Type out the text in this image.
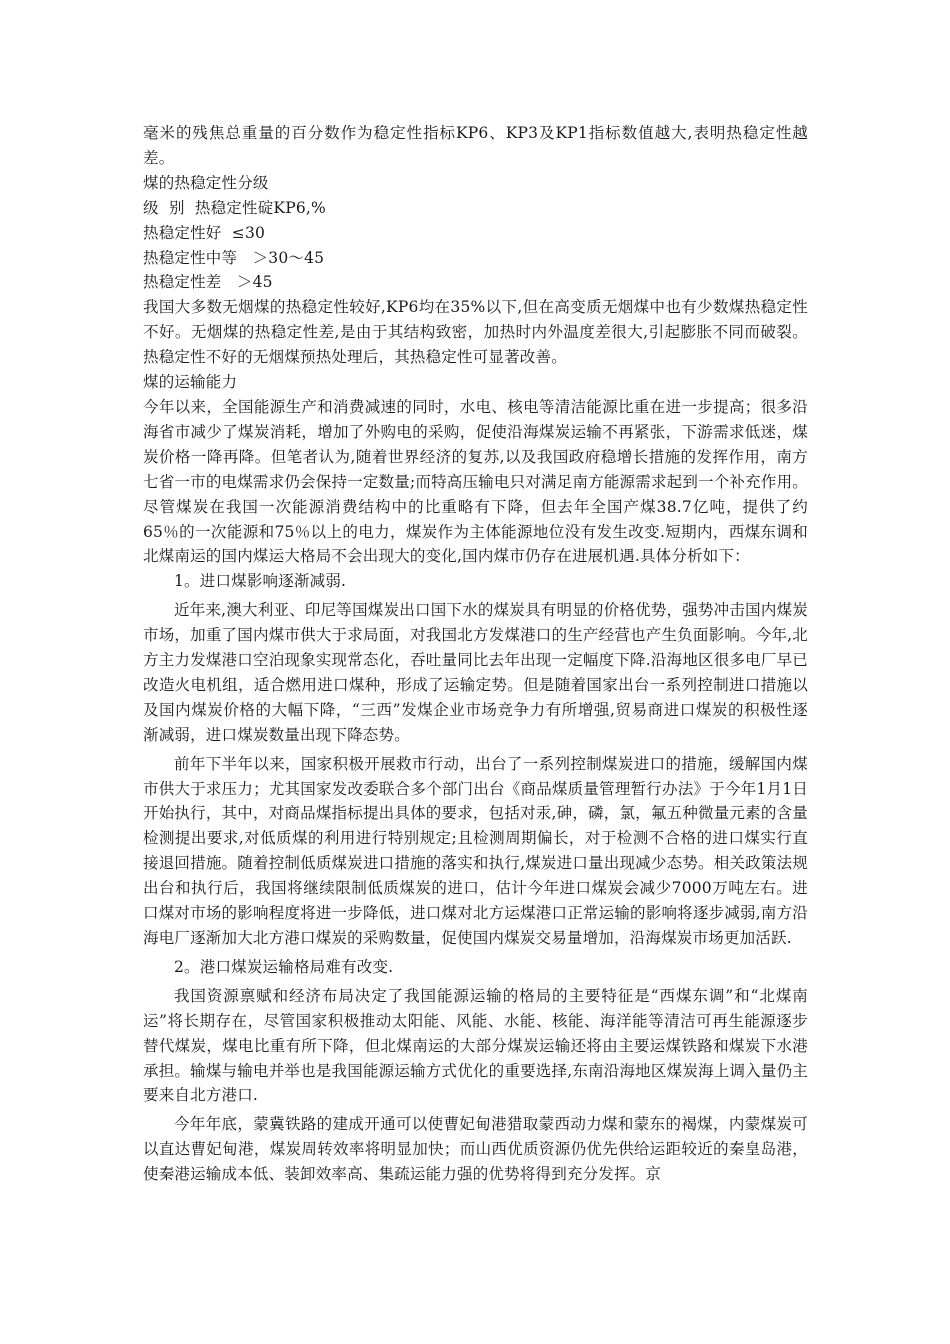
毫米的残焦总重量的百分数作为稳定性指标KP6、KP3及KP1指标数值越大,表明热稳定性越差。
煤的热稳定性分级
级  别  热稳定性碇KP6,%
热稳定性好  ≤30
热稳定性中等   ＞30～45
热稳定性差   ＞45
我国大多数无烟煤的热稳定性较好,KP6均在35%以下,但在高变质无烟煤中也有少数煤热稳定性不好。无烟煤的热稳定性差,是由于其结构致密，加热时内外温度差很大,引起膨胀不同而破裂。热稳定性不好的无烟煤预热处理后，其热稳定性可显著改善。
煤的运输能力
今年以来，全国能源生产和消费减速的同时，水电、核电等清洁能源比重在进一步提高；很多沿海省市减少了煤炭消耗，增加了外购电的采购，促使沿海煤炭运输不再紧张，下游需求低迷，煤炭价格一降再降。但笔者认为,随着世界经济的复苏,以及我国政府稳增长措施的发挥作用，南方七省一市的电煤需求仍会保持一定数量;而特高压输电只对满足南方能源需求起到一个补充作用。尽管煤炭在我国一次能源消费结构中的比重略有下降，但去年全国产煤38.7亿吨，提供了约65％的一次能源和75％以上的电力，煤炭作为主体能源地位没有发生改变.短期内，西煤东调和北煤南运的国内煤运大格局不会出现大的变化,国内煤市仍存在进展机遇.具体分析如下：
1。进口煤影响逐渐减弱.
近年来,澳大利亚、印尼等国煤炭出口国下水的煤炭具有明显的价格优势，强势冲击国内煤炭市场，加重了国内煤市供大于求局面，对我国北方发煤港口的生产经营也产生负面影响。今年,北方主力发煤港口空泊现象实现常态化，吞吐量同比去年出现一定幅度下降.沿海地区很多电厂早已改造火电机组，适合燃用进口煤种，形成了运输定势。但是随着国家出台一系列控制进口措施以及国内煤炭价格的大幅下降，“三西”发煤企业市场竞争力有所增强,贸易商进口煤炭的积极性逐渐减弱，进口煤炭数量出现下降态势。
前年下半年以来，国家积极开展救市行动，出台了一系列控制煤炭进口的措施，缓解国内煤市供大于求压力；尤其国家发改委联合多个部门出台《商品煤质量管理暂行办法》于今年1月1日开始执行，其中，对商品煤指标提出具体的要求，包括对汞,砷，磷，氯，氟五种微量元素的含量检测提出要求,对低质煤的利用进行特别规定;且检测周期偏长，对于检测不合格的进口煤实行直接退回措施。随着控制低质煤炭进口措施的落实和执行,煤炭进口量出现减少态势。相关政策法规出台和执行后，我国将继续限制低质煤炭的进口，估计今年进口煤炭会减少7000万吨左右。进口煤对市场的影响程度将进一步降低，进口煤对北方运煤港口正常运输的影响将逐步减弱,南方沿海电厂逐渐加大北方港口煤炭的采购数量，促使国内煤炭交易量增加，沿海煤炭市场更加活跃.
2。港口煤炭运输格局难有改变.
我国资源禀赋和经济布局决定了我国能源运输的格局的主要特征是“西煤东调”和“北煤南运”将长期存在，尽管国家积极推动太阳能、风能、水能、核能、海洋能等清洁可再生能源逐步替代煤炭，煤电比重有所下降，但北煤南运的大部分煤炭运输还将由主要运煤铁路和煤炭下水港承担。输煤与输电并举也是我国能源运输方式优化的重要选择,东南沿海地区煤炭海上调入量仍主要来自北方港口.
今年年底，蒙冀铁路的建成开通可以使曹妃甸港猎取蒙西动力煤和蒙东的褐煤，内蒙煤炭可以直达曹妃甸港，煤炭周转效率将明显加快；而山西优质资源仍优先供给运距较近的秦皇岛港，使秦港运输成本低、装卸效率高、集疏运能力强的优势将得到充分发挥。京
